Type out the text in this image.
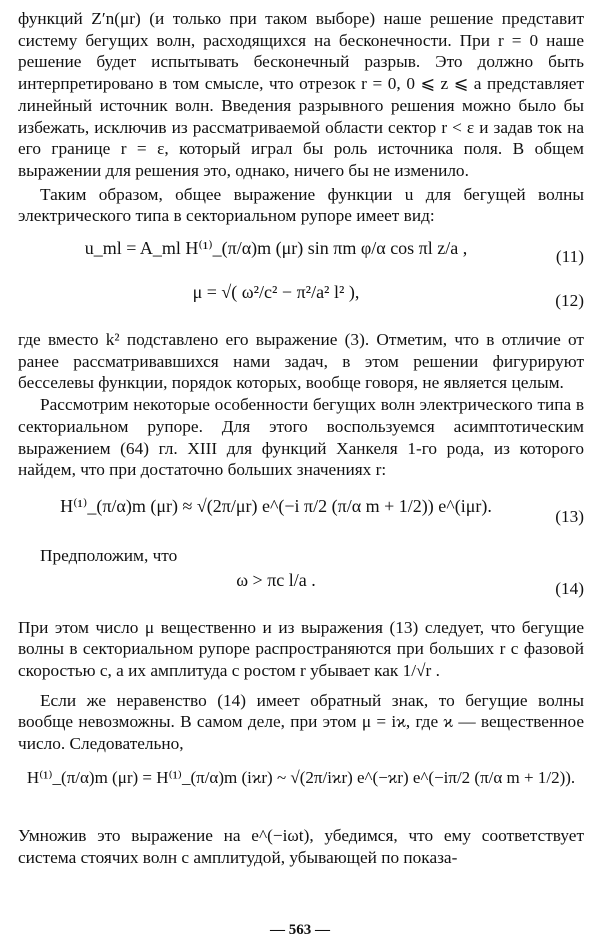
функций Z′n(μr) (и только при таком выборе) наше решение представит систему бегущих волн, расходящихся на бесконечности. При r = 0 наше решение будет испытывать бесконечный разрыв. Это должно быть интерпретировано в том смысле, что отрезок r = 0, 0 ⩽ z ⩽ a представляет линейный источник волн. Введения разрывного решения можно было бы избежать, исключив из рассматриваемой области сектор r < ε и задав ток на его границе r = ε, который играл бы роль источника поля. В общем выражении для решения это, однако, ничего бы не изменило.

Таким образом, общее выражение функции u для бегущей волны электрического типа в секториальном рупоре имеет вид:

u_ml = A_ml H⁽¹⁾_(π/α)m (μr) sin πm φ/α cos πl z/a ,	(11)
μ = √( ω²/c² − π²/a² l² ),	(12)

где вместо k² подставлено его выражение (3). Отметим, что в отличие от ранее рассматривавшихся нами задач, в этом решении фигурируют бесселевы функции, порядок которых, вообще говоря, не является целым.

Рассмотрим некоторые особенности бегущих волн электрического типа в секториальном рупоре. Для этого воспользуемся асимптотическим выражением (64) гл. XIII для функций Ханкеля 1-го рода, из которого найдем, что при достаточно больших значениях r:

H⁽¹⁾_(π/α)m (μr) ≈ √(2π/μr) e^(−i π/2 (π/α m + 1/2)) e^(iμr).
(13)

Предположим, что

ω > πc l/a .	(14)

При этом число μ вещественно и из выражения (13) следует, что бегущие волны в секториальном рупоре распространяются при больших r с фазовой скоростью c, а их амплитуда с ростом r убывает как 1/√r .

Если же неравенство (14) имеет обратный знак, то бегущие волны вообще невозможны. В самом деле, при этом μ = iϰ, где ϰ — вещественное число. Следовательно,

H⁽¹⁾_(π/α)m (μr) = H⁽¹⁾_(π/α)m (iϰr) ~ √(2π/iϰr) e^(−ϰr) e^(−iπ/2 (π/α m + 1/2)).

Умножив это выражение на e^(−iωt), убедимся, что ему соответствует система стоячих волн с амплитудой, убывающей по показа-

— 563 —
